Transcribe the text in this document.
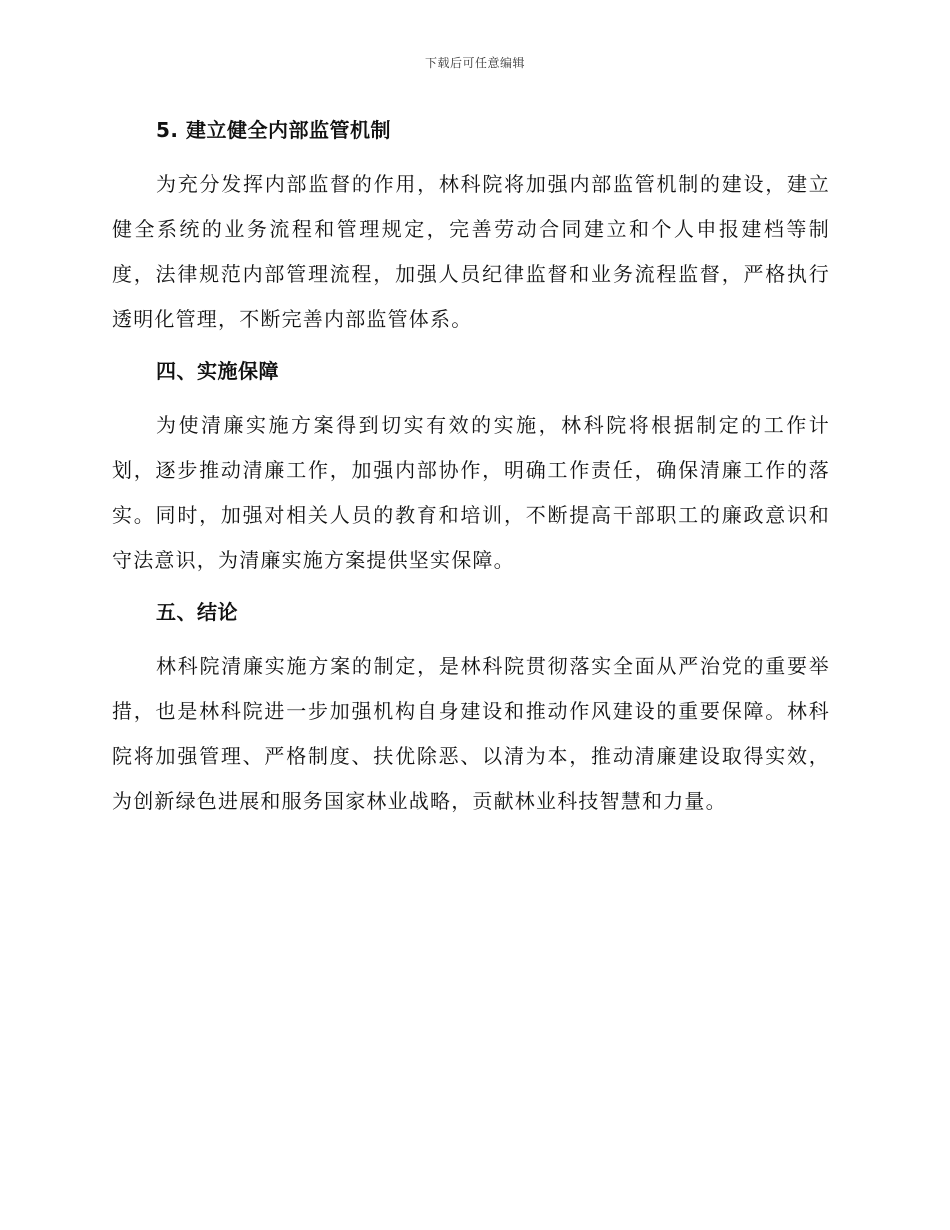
下载后可任意编辑

5. 建立健全内部监管机制

为充分发挥内部监督的作用，林科院将加强内部监管机制的建设，建立健全系统的业务流程和管理规定，完善劳动合同建立和个人申报建档等制度，法律规范内部管理流程，加强人员纪律监督和业务流程监督，严格执行透明化管理，不断完善内部监管体系。

四、实施保障

为使清廉实施方案得到切实有效的实施，林科院将根据制定的工作计划，逐步推动清廉工作，加强内部协作，明确工作责任，确保清廉工作的落实。同时，加强对相关人员的教育和培训，不断提高干部职工的廉政意识和守法意识，为清廉实施方案提供坚实保障。

五、结论

林科院清廉实施方案的制定，是林科院贯彻落实全面从严治党的重要举措，也是林科院进一步加强机构自身建设和推动作风建设的重要保障。林科院将加强管理、严格制度、扶优除恶、以清为本，推动清廉建设取得实效，为创新绿色进展和服务国家林业战略，贡献林业科技智慧和力量。
